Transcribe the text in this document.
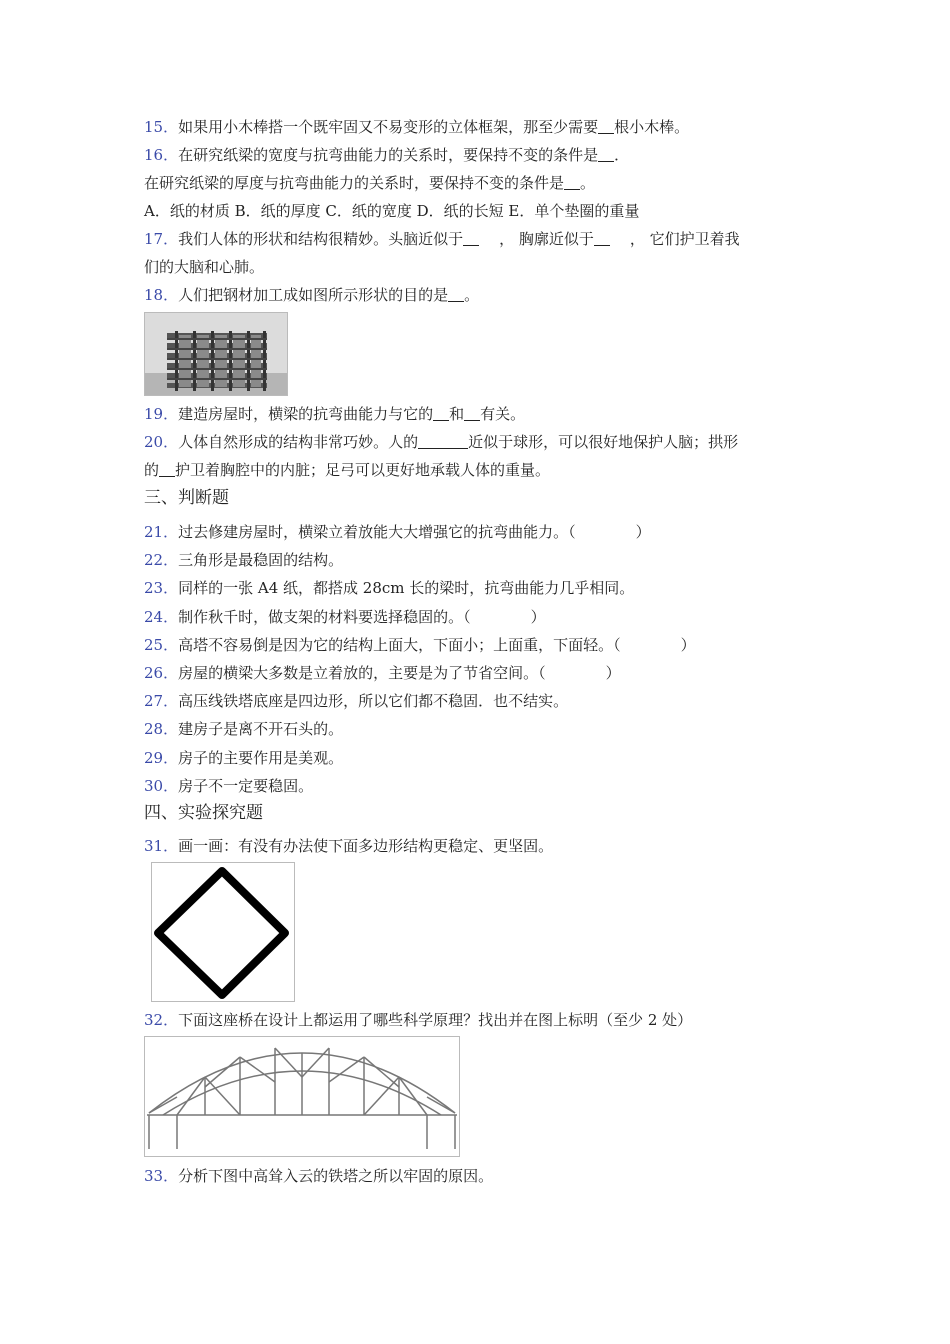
15．如果用小木棒搭一个既牢固又不易变形的立体框架，那至少需要 根小木棒。
16．在研究纸梁的宽度与抗弯曲能力的关系时，要保持不变的条件是 ．
在研究纸梁的厚度与抗弯曲能力的关系时，要保持不变的条件是 。
A．纸的材质 B．纸的厚度 C．纸的宽度 D．纸的长短 E．单个垫圈的重量
17．我们人体的形状和结构很精妙。头脑近似于 ， 胸廓近似于 ， 它们护卫着我
们的大脑和心肺。
18．人们把钢材加工成如图所示形状的目的是 。
19．建造房屋时，横梁的抗弯曲能力与它的 和 有关。
20．人体自然形成的结构非常巧妙。人的	近似于球形，可以很好地保护人脑；拱形
的 护卫着胸腔中的内脏；足弓可以更好地承载人体的重量。
三、判断题
21．过去修建房屋时，横梁立着放能大大增强它的抗弯曲能力。（　　　　）
22．三角形是最稳固的结构。
23．同样的一张 A4 纸，都搭成 28cm 长的梁时，抗弯曲能力几乎相同。
24．制作秋千时，做支架的材料要选择稳固的。（　　　　）
25．高塔不容易倒是因为它的结构上面大，下面小；上面重，下面轻。（　　　　）
26．房屋的横梁大多数是立着放的，主要是为了节省空间。（　　　　）
27．高压线铁塔底座是四边形，所以它们都不稳固．也不结实。
28．建房子是离不开石头的。
29．房子的主要作用是美观。
30．房子不一定要稳固。
四、实验探究题
31．画一画：有没有办法使下面多边形结构更稳定、更坚固。
32．下面这座桥在设计上都运用了哪些科学原理？找出并在图上标明（至少 2 处）
33．分析下图中高耸入云的铁塔之所以牢固的原因。
